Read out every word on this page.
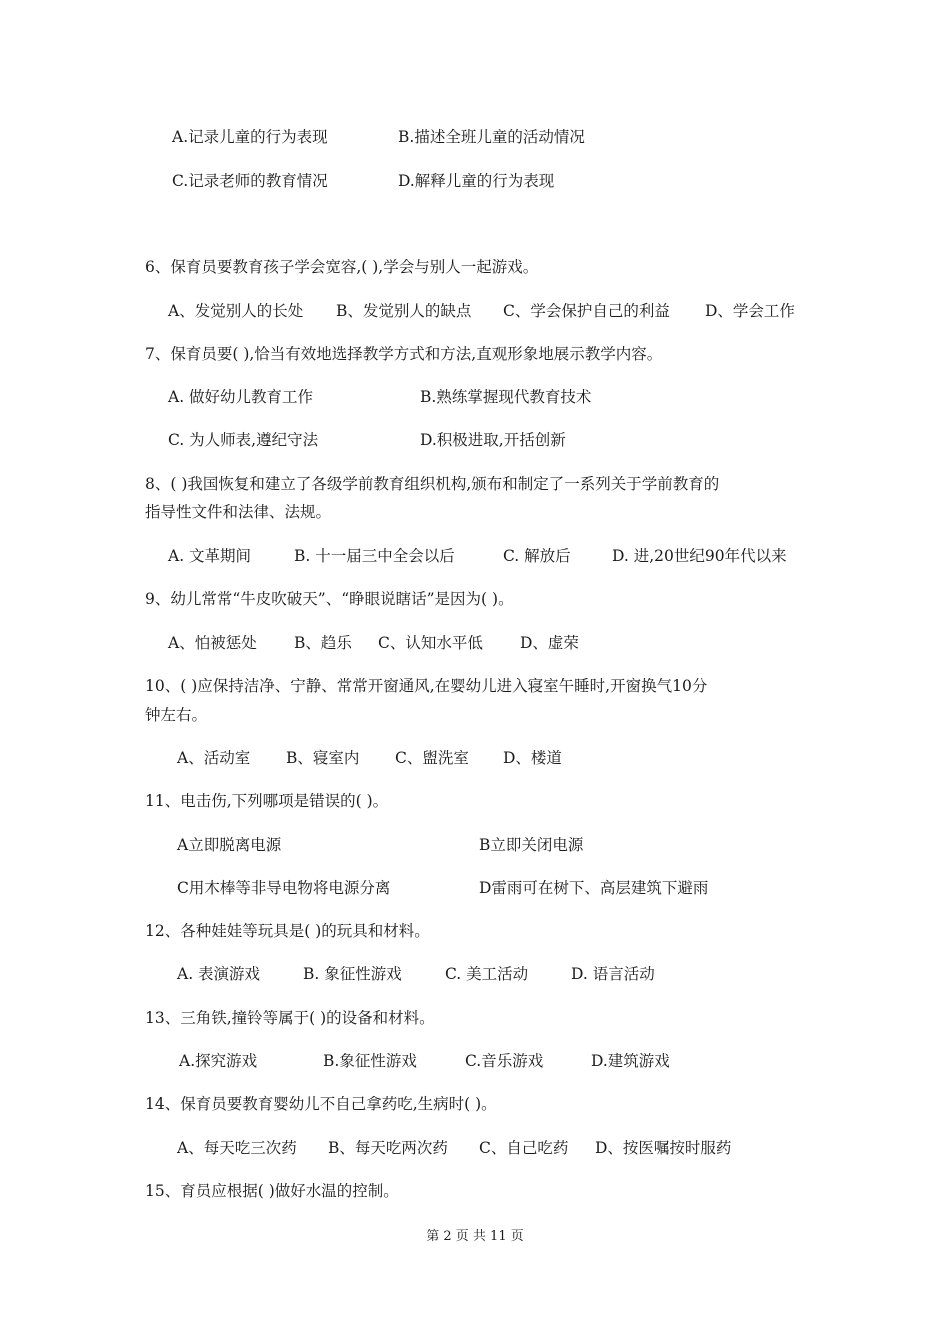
A.记录儿童的行为表现	B.描述全班儿童的活动情况
C.记录老师的教育情况	D.解释儿童的行为表现
6、保育员要教育孩子学会宽容,( ),学会与别人一起游戏。
A、发觉别人的长处 B、发觉别人的缺点 C、学会保护自己的利益 D、学会工作
7、保育员要( ),恰当有效地选择教学方式和方法,直观形象地展示教学内容。
A. 做好幼儿教育工作	B.熟练掌握现代教育技术
C. 为人师表,遵纪守法	D.积极进取,开括创新
8、( )我国恢复和建立了各级学前教育组织机构,颁布和制定了一系列关于学前教育的
指导性文件和法律、法规。
A. 文革期间	B. 十一届三中全会以后	C. 解放后	D. 进,20世纪90年代以来
9、幼儿常常“牛皮吹破天”、“睁眼说瞎话”是因为( )。
A、怕被惩处 B、趋乐 C、认知水平低 D、虚荣
10、( )应保持洁净、宁静、常常开窗通风,在婴幼儿进入寝室午睡时,开窗换气10分
钟左右。
A、活动室 B、寝室内 C、盥洗室 D、楼道
11、电击伤,下列哪项是错误的( )。
A立即脱离电源	B立即关闭电源
C用木棒等非导电物将电源分离	D雷雨可在树下、高层建筑下避雨
12、各种娃娃等玩具是( )的玩具和材料。
A. 表演游戏	B. 象征性游戏	C. 美工活动	D. 语言活动
13、三角铁,撞铃等属于( )的设备和材料。
A.探究游戏	B.象征性游戏	C.音乐游戏	D.建筑游戏
14、保育员要教育婴幼儿不自己拿药吃,生病时( )。
A、每天吃三次药 B、每天吃两次药 C、自己吃药 D、按医嘱按时服药
15、育员应根据( )做好水温的控制。
第 2 页 共 11 页
